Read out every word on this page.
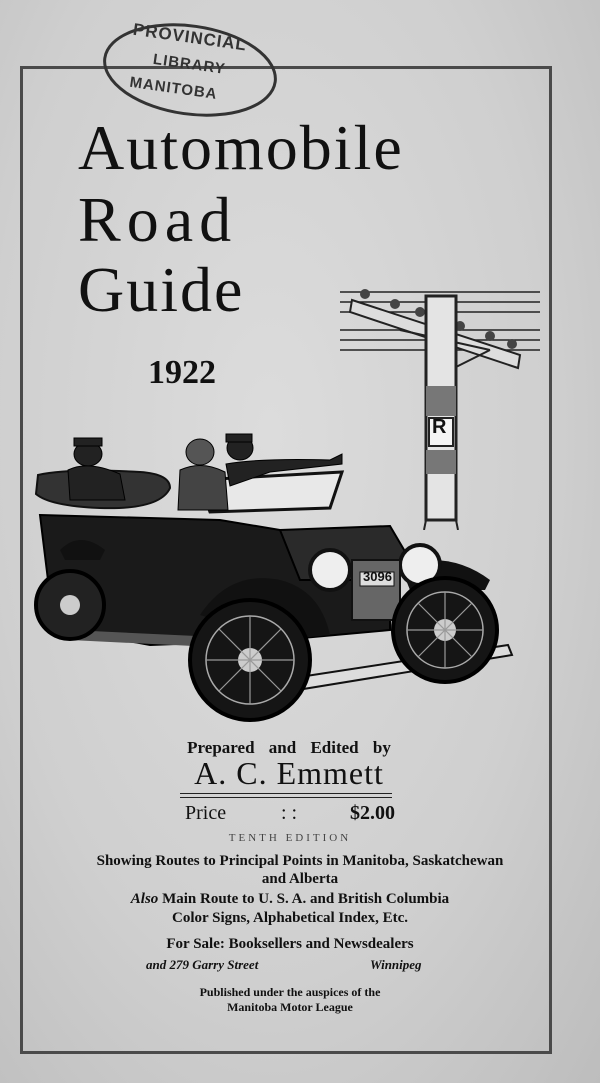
PROVINCIAL
LIBRARY
MANITOBA
Automobile
Road
Guide
1922
R
3096
Prepared and Edited by
A. C. Emmett
Price	: :	$2.00
TENTH EDITION
Showing Routes to Principal Points in Manitoba, Saskatchewan
and Alberta
Also Main Route to U. S. A. and British Columbia
Color Signs, Alphabetical Index, Etc.
For Sale: Booksellers and Newsdealers
and 279 Garry Street	Winnipeg
Published under the auspices of the
Manitoba Motor League
